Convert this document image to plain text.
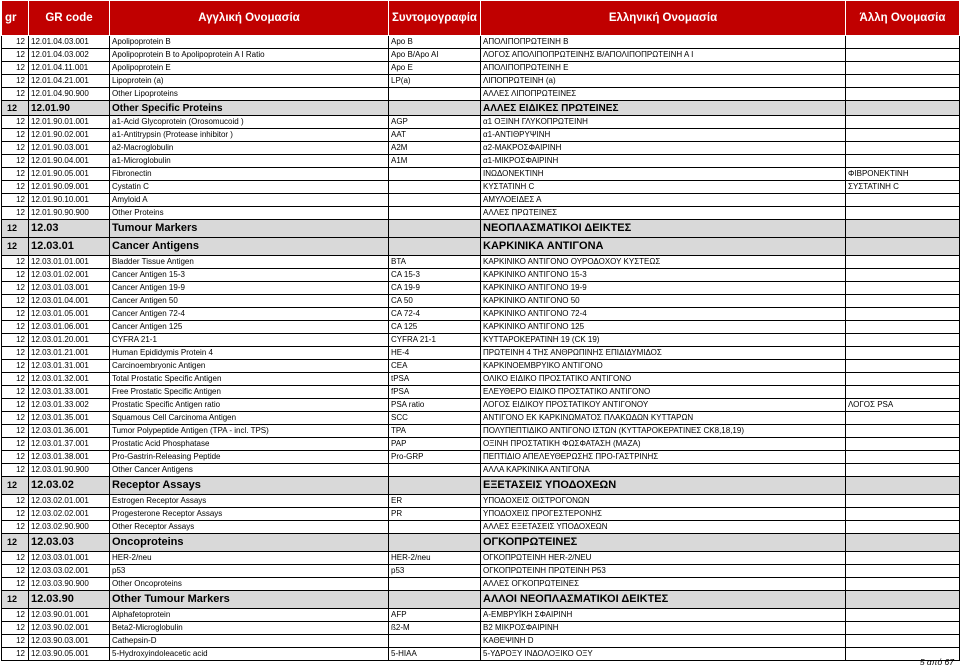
gr	GR code	Αγγλική Ονομασία	Συντομογραφία	Ελληνική Ονομασία	Άλλη Ονομασία
12	12.01.04.03.001	Apolipoprotein B	Apo B	ΑΠΟΛΙΠΟΠΡΩΤΕΙΝΗ Β	
12	12.01.04.03.002	Apolipoprotein B to Apolipoprotein A I Ratio	Apo B/Apo AI	ΛΟΓΟΣ ΑΠΟΛΙΠΟΠΡΩΤΕΙΝΗΣ Β/ΑΠΟΛΙΠΟΠΡΩΤΕΙΝΗ Α Ι	
12	12.01.04.11.001	Apolipoprotein E	Apo E	ΑΠΟΛΙΠΟΠΡΩΤΕΙΝΗ Ε	
12	12.01.04.21.001	Lipoprotein (a)	LP(a)	ΛΙΠΟΠΡΩΤΕΙΝΗ (a)	
12	12.01.04.90.900	Other Lipoproteins		ΑΛΛΕΣ ΛΙΠΟΠΡΩΤΕΙΝΕΣ	
12	12.01.90	Other Specific Proteins		ΑΛΛΕΣ ΕΙΔΙΚΕΣ ΠΡΩΤΕΙΝΕΣ	
12	12.01.90.01.001	a1-Acid Glycoprotein (Orosomucoid )	AGP	α1 ΟΞΙΝΗ ΓΛΥΚΟΠΡΩΤΕΙΝΗ	
12	12.01.90.02.001	a1-Antitrypsin (Protease inhibitor )	AAT	α1-ΑΝΤΙΘΡΥΨΙΝΗ	
12	12.01.90.03.001	a2-Macroglobulin	A2M	α2-ΜΑΚΡΟΣΦΑΙΡΙΝΗ	
12	12.01.90.04.001	a1-Microglobulin	A1M	α1-ΜΙΚΡΟΣΦΑΙΡΙΝΗ	
12	12.01.90.05.001	Fibronectin		ΙΝΩΔΟΝΕΚΤΙΝΗ	ΦΙΒΡΟΝΕΚΤΙΝΗ
12	12.01.90.09.001	Cystatin C		ΚΥΣΤΑΤΙΝΗ C	ΣΥΣΤΑΤΙΝΗ C
12	12.01.90.10.001	Amyloid A		ΑΜΥΛΟΕΙΔΕΣ Α	
12	12.01.90.90.900	Other Proteins		ΑΛΛΕΣ ΠΡΩΤΕΙΝΕΣ	
12	12.03	Tumour Markers		ΝΕΟΠΛΑΣΜΑΤΙΚΟΙ ΔΕΙΚΤΕΣ	
12	12.03.01	Cancer Antigens		ΚΑΡΚΙΝΙΚΑ ΑΝΤΙΓΟΝΑ	
12	12.03.01.01.001	Bladder Tissue Antigen	BTA	ΚΑΡΚΙΝΙΚΟ ΑΝΤΙΓΟΝΟ ΟΥΡΟΔΟΧΟΥ ΚΥΣΤΕΩΣ	
12	12.03.01.02.001	Cancer Antigen 15-3	CA 15-3	ΚΑΡΚΙΝΙΚΟ ΑΝΤΙΓΟΝΟ 15-3	
12	12.03.01.03.001	Cancer Antigen 19-9	CA 19-9	ΚΑΡΚΙΝΙΚΟ ΑΝΤΙΓΟΝΟ 19-9	
12	12.03.01.04.001	Cancer Antigen 50	CA 50	ΚΑΡΚΙΝΙΚΟ ΑΝΤΙΓΟΝΟ 50	
12	12.03.01.05.001	Cancer Antigen 72-4	CA 72-4	ΚΑΡΚΙΝΙΚΟ ΑΝΤΙΓΟΝΟ 72-4	
12	12.03.01.06.001	Cancer Antigen 125	CA 125	ΚΑΡΚΙΝΙΚΟ ΑΝΤΙΓΟΝΟ 125	
12	12.03.01.20.001	CYFRA 21-1	CYFRA 21-1	ΚΥΤΤΑΡΟΚΕΡΑΤΙΝΗ 19 (CK 19)	
12	12.03.01.21.001	Human Epididymis Protein 4	HE-4	ΠΡΩΤΕΙΝΗ 4 ΤΗΣ ΑΝΘΡΩΠΙΝΗΣ ΕΠΙΔΙΔΥΜΙΔΟΣ	
12	12.03.01.31.001	Carcinoembryonic Antigen	CEA	ΚΑΡΚΙΝΟΕΜΒΡΥΙΚΟ ΑΝΤΙΓΟΝΟ	
12	12.03.01.32.001	Total Prostatic Specific Antigen	tPSA	ΟΛΙΚΟ ΕΙΔΙΚΟ ΠΡΟΣΤΑΤΙΚΟ ΑΝΤΙΓΟΝΟ	
12	12.03.01.33.001	Free Prostatic Specific Antigen	fPSA	ΕΛΕΥΘΕΡΟ ΕΙΔΙΚΟ ΠΡΟΣΤΑΤΙΚΟ ΑΝΤΙΓΟΝΟ	
12	12.03.01.33.002	Prostatic Specific Antigen ratio	PSA ratio	ΛΟΓΟΣ ΕΙΔΙΚΟΥ ΠΡΟΣΤΑΤΙΚΟΥ ΑΝΤΙΓΟΝΟΥ	ΛΟΓΟΣ PSA
12	12.03.01.35.001	Squamous Cell Carcinoma Antigen	SCC	ΑΝΤΙΓΟΝΟ ΕΚ ΚΑΡΚΙΝΩΜΑΤΟΣ ΠΛΑΚΩΔΩΝ ΚΥΤΤΑΡΩΝ	
12	12.03.01.36.001	Tumor Polypeptide Antigen (TPA - incl. TPS)	TPA	ΠΟΛΥΠΕΠΤΙΔΙΚΟ ΑΝΤΙΓΟΝΟ ΙΣΤΩΝ (ΚΥΤΤΑΡΟΚΕΡΑΤΙΝΕΣ CK8,18,19)	
12	12.03.01.37.001	Prostatic Acid Phosphatase	PAP	ΟΞΙΝΗ ΠΡΟΣΤΑΤΙΚΗ ΦΩΣΦΑΤΑΣΗ (ΜΑΖΑ)	
12	12.03.01.38.001	Pro-Gastrin-Releasing Peptide	Pro-GRP	ΠΕΠΤΙΔΙΟ ΑΠΕΛΕΥΘΕΡΩΣΗΣ ΠΡΟ-ΓΑΣΤΡΙΝΗΣ	
12	12.03.01.90.900	Other Cancer Antigens		ΑΛΛΑ ΚΑΡΚΙΝΙΚΑ ΑΝΤΙΓΟΝΑ	
12	12.03.02	Receptor Assays		ΕΞΕΤΑΣΕΙΣ ΥΠΟΔΟΧΕΩΝ	
12	12.03.02.01.001	Estrogen Receptor Assays	ER	ΥΠΟΔΟΧΕΙΣ ΟΙΣΤΡΟΓΟΝΩΝ	
12	12.03.02.02.001	Progesterone Receptor Assays	PR	ΥΠΟΔΟΧΕΙΣ ΠΡΟΓΕΣΤΕΡΟΝΗΣ	
12	12.03.02.90.900	Other Receptor Assays		ΑΛΛΕΣ ΕΞΕΤΑΣΕΙΣ ΥΠΟΔΟΧΕΩΝ	
12	12.03.03	Oncoproteins		ΟΓΚΟΠΡΩΤΕΙΝΕΣ	
12	12.03.03.01.001	HER-2/neu	HER-2/neu	ΟΓΚΟΠΡΩΤΕΙΝΗ HER-2/NEU	
12	12.03.03.02.001	p53	p53	ΟΓΚΟΠΡΩΤΕΙΝΗ ΠΡΩΤΕΙΝΗ P53	
12	12.03.03.90.900	Other Oncoproteins		ΑΛΛΕΣ ΟΓΚΟΠΡΩΤΕΙΝΕΣ	
12	12.03.90	Other Tumour Markers		ΑΛΛΟΙ ΝΕΟΠΛΑΣΜΑΤΙΚΟΙ ΔΕΙΚΤΕΣ	
12	12.03.90.01.001	Alphafetoprotein	AFP	Α-ΕΜΒΡΥΪΚΗ ΣΦΑΙΡΙΝΗ	
12	12.03.90.02.001	Beta2-Microglobulin	ß2-M	Β2 ΜΙΚΡΟΣΦΑΙΡΙΝΗ	
12	12.03.90.03.001	Cathepsin-D		ΚΑΘΕΨΙΝΗ D	
12	12.03.90.05.001	5-Hydroxyindoleacetic acid	5-HIAA	5-ΥΔΡΟΞΥ ΙΝΔΟΛΟΞΙΚΟ ΟΞΥ	
5 από 67
